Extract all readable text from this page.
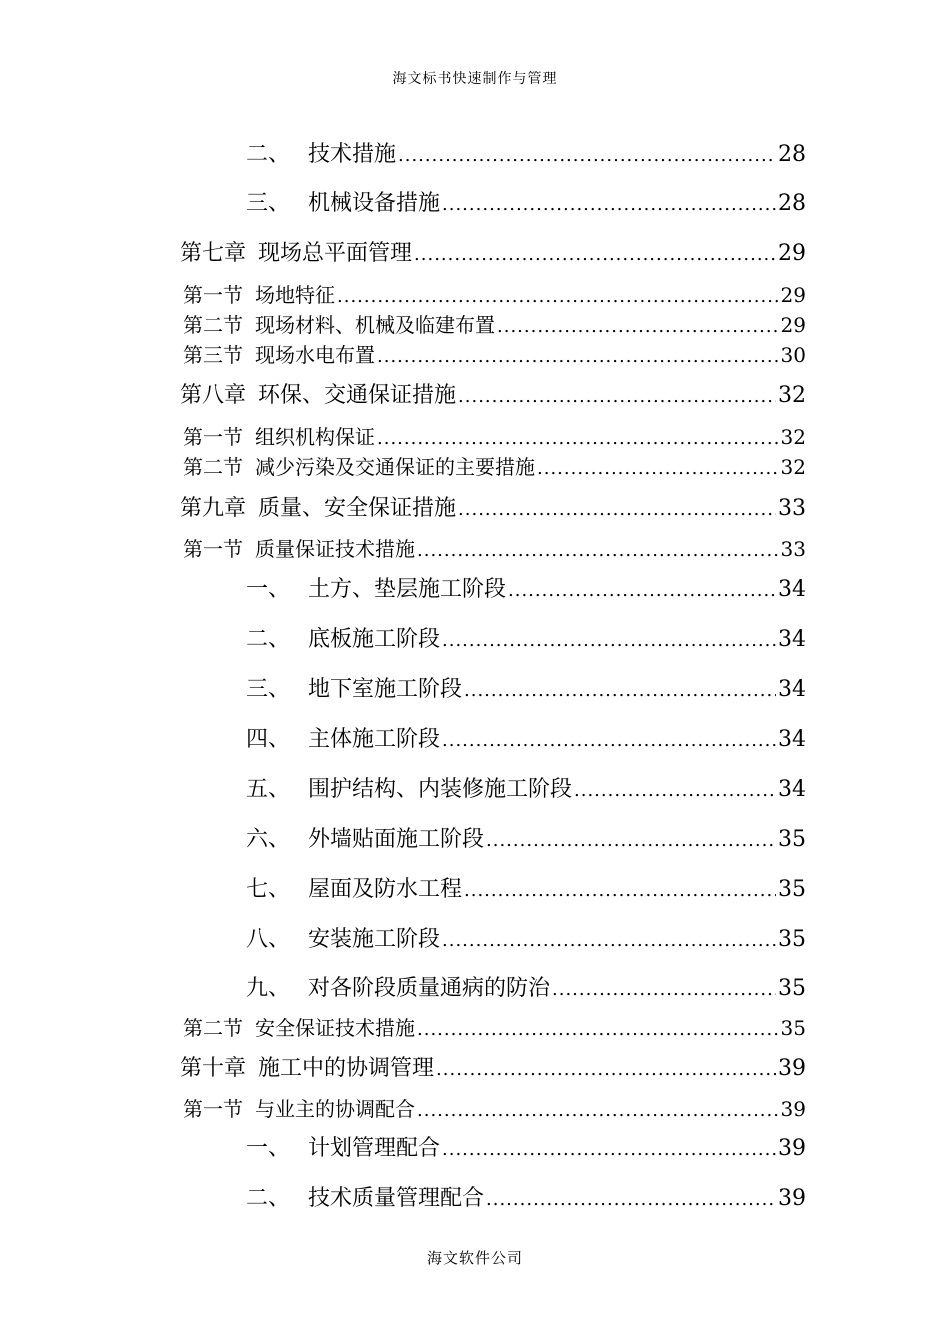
海文标书快速制作与管理
二、 技术措施 .....	28
三、 机械设备措施 .....	28
第七章 现场总平面管理 .....	29
第一节 场地特征 .....	29
第二节 现场材料、机械及临建布置 .....	29
第三节 现场水电布置 .....	30
第八章 环保、交通保证措施 .....	32
第一节 组织机构保证 .....	32
第二节 减少污染及交通保证的主要措施 .....	32
第九章 质量、安全保证措施 .....	33
第一节 质量保证技术措施 .....	33
一、 土方、垫层施工阶段 .....	34
二、 底板施工阶段 .....	34
三、 地下室施工阶段 .....	34
四、 主体施工阶段 .....	34
五、 围护结构、内装修施工阶段 .....	34
六、 外墙贴面施工阶段 .....	35
七、 屋面及防水工程 .....	35
八、 安装施工阶段 .....	35
九、 对各阶段质量通病的防治 .....	35
第二节 安全保证技术措施 .....	35
第十章 施工中的协调管理 .....	39
第一节 与业主的协调配合 .....	39
一、 计划管理配合 .....	39
二、 技术质量管理配合 .....	39
海文软件公司
